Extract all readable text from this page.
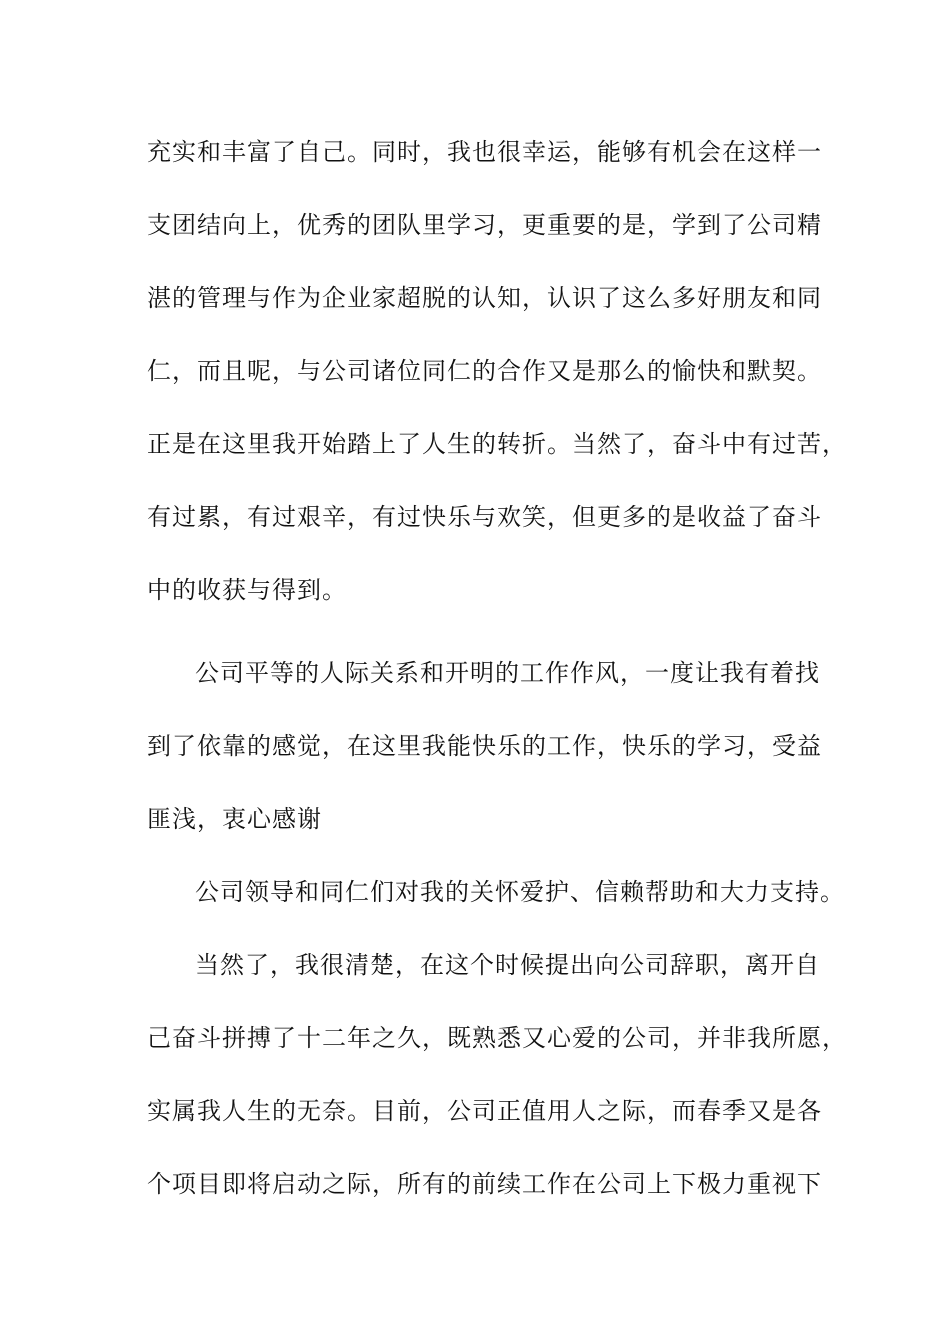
充实和丰富了自己。同时，我也很幸运，能够有机会在这样一
支团结向上，优秀的团队里学习，更重要的是，学到了公司精
湛的管理与作为企业家超脱的认知，认识了这么多好朋友和同
仁，而且呢，与公司诸位同仁的合作又是那么的愉快和默契。
正是在这里我开始踏上了人生的转折。当然了，奋斗中有过苦，
有过累，有过艰辛，有过快乐与欢笑，但更多的是收益了奋斗
中的收获与得到。
公司平等的人际关系和开明的工作作风，一度让我有着找
到了依靠的感觉，在这里我能快乐的工作，快乐的学习，受益
匪浅，衷心感谢
公司领导和同仁们对我的关怀爱护、信赖帮助和大力支持。
当然了，我很清楚，在这个时候提出向公司辞职，离开自
己奋斗拼搏了十二年之久，既熟悉又心爱的公司，并非我所愿，
实属我人生的无奈。目前，公司正值用人之际，而春季又是各
个项目即将启动之际，所有的前续工作在公司上下极力重视下
